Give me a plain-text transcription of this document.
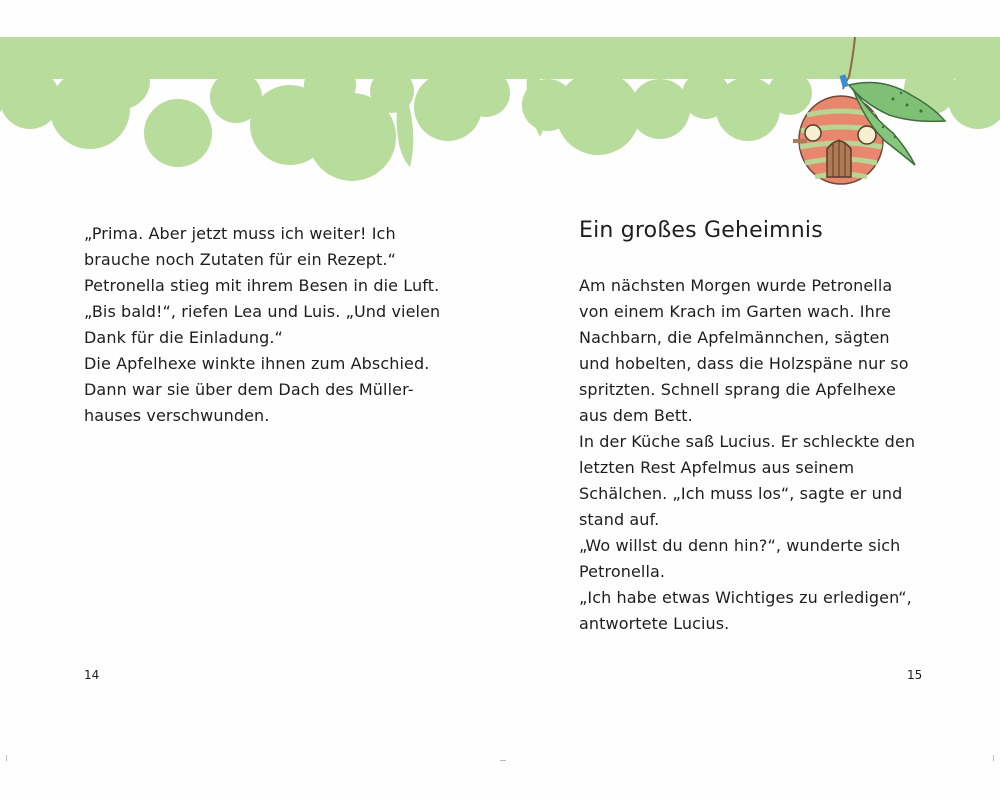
„Prima. Aber jetzt muss ich weiter! Ich
brauche noch Zutaten für ein Rezept.“
Petronella stieg mit ihrem Besen in die Luft.
„Bis bald!“, riefen Lea und Luis. „Und vielen
Dank für die Einladung.“
Die Apfelhexe winkte ihnen zum Abschied.
Dann war sie über dem Dach des Müller-
hauses verschwunden.
14
Ein großes Geheimnis
Am nächsten Morgen wurde Petronella
von einem Krach im Garten wach. Ihre
Nachbarn, die Apfelmännchen, sägten
und hobelten, dass die Holzspäne nur so
spritzten. Schnell sprang die Apfelhexe
aus dem Bett.
In der Küche saß Lucius. Er schleckte den
letzten Rest Apfelmus aus seinem
Schälchen. „Ich muss los“, sagte er und
stand auf.
„Wo willst du denn hin?“, wunderte sich
Petronella.
„Ich habe etwas Wichtiges zu erledigen“,
antwortete Lucius.
15
